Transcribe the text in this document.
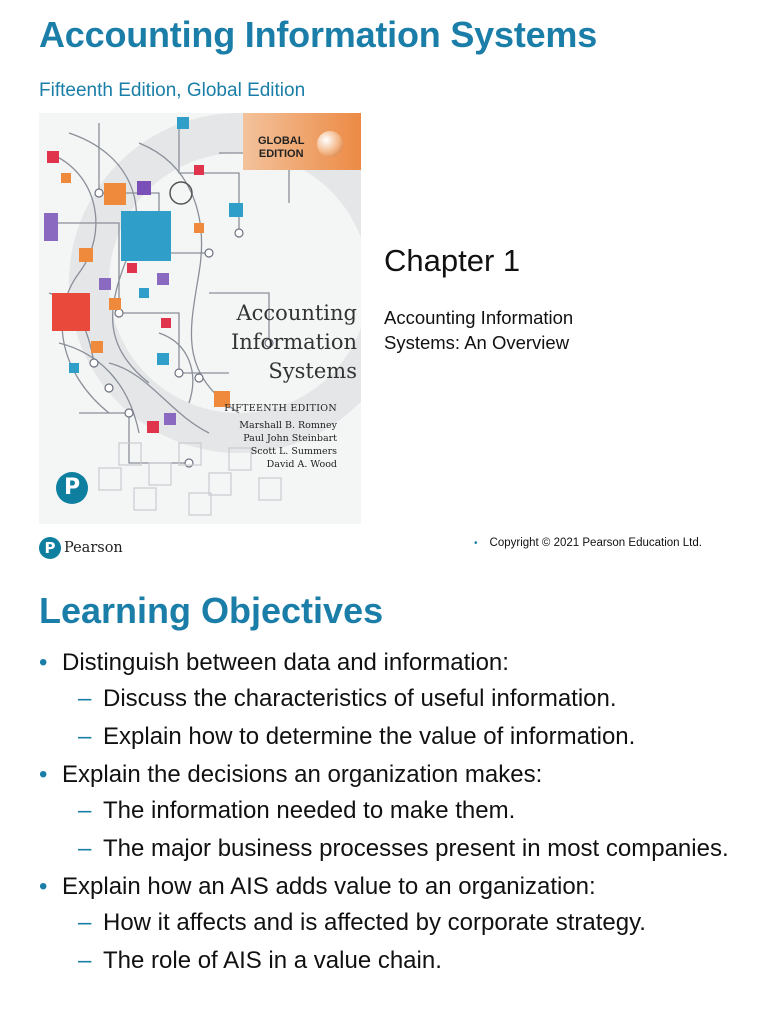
Accounting Information Systems
Fifteenth Edition, Global Edition
GLOBAL
EDITION
Accounting
Information
Systems
FIFTEENTH EDITION
Marshall B. Romney
Paul John Steinbart
Scott L. Summers
David A. Wood
P
Chapter 1
Accounting Information Systems: An Overview
P Pearson	• Copyright © 2021 Pearson Education Ltd.
Learning Objectives
• Distinguish between data and information:
– Discuss the characteristics of useful information.
– Explain how to determine the value of information.
• Explain the decisions an organization makes:
– The information needed to make them.
– The major business processes present in most companies.
• Explain how an AIS adds value to an organization:
– How it affects and is affected by corporate strategy.
– The role of AIS in a value chain.
